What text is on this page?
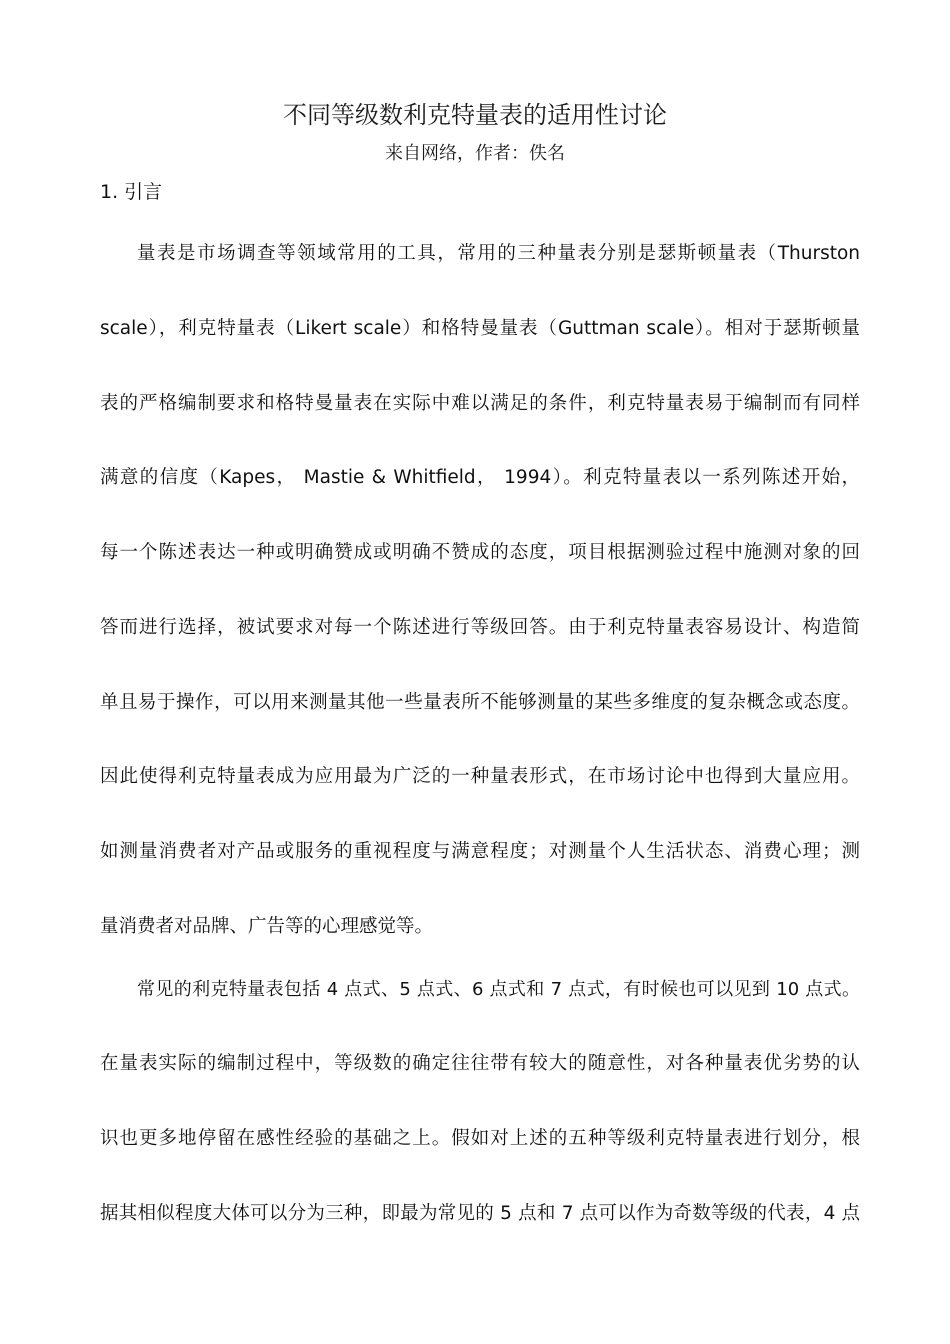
不同等级数利克特量表的适用性讨论
来自网络，作者：佚名
1. 引言
量表是市场调查等领域常用的工具，常用的三种量表分别是瑟斯顿量表（Thurston
scale），利克特量表（Likert scale）和格特曼量表（Guttman scale）。相对于瑟斯顿量
表的严格编制要求和格特曼量表在实际中难以满足的条件，利克特量表易于编制而有同样
满意的信度（Kapes， Mastie & Whitfield， 1994）。利克特量表以一系列陈述开始，
每一个陈述表达一种或明确赞成或明确不赞成的态度，项目根据测验过程中施测对象的回
答而进行选择，被试要求对每一个陈述进行等级回答。由于利克特量表容易设计、构造简
单且易于操作，可以用来测量其他一些量表所不能够测量的某些多维度的复杂概念或态度。
因此使得利克特量表成为应用最为广泛的一种量表形式，在市场讨论中也得到大量应用。
如测量消费者对产品或服务的重视程度与满意程度；对测量个人生活状态、消费心理；测
量消费者对品牌、广告等的心理感觉等。
常见的利克特量表包括 4 点式、5 点式、6 点式和 7 点式，有时候也可以见到 10 点式。
在量表实际的编制过程中，等级数的确定往往带有较大的随意性，对各种量表优劣势的认
识也更多地停留在感性经验的基础之上。假如对上述的五种等级利克特量表进行划分，根
据其相似程度大体可以分为三种，即最为常见的 5 点和 7 点可以作为奇数等级的代表，4 点
